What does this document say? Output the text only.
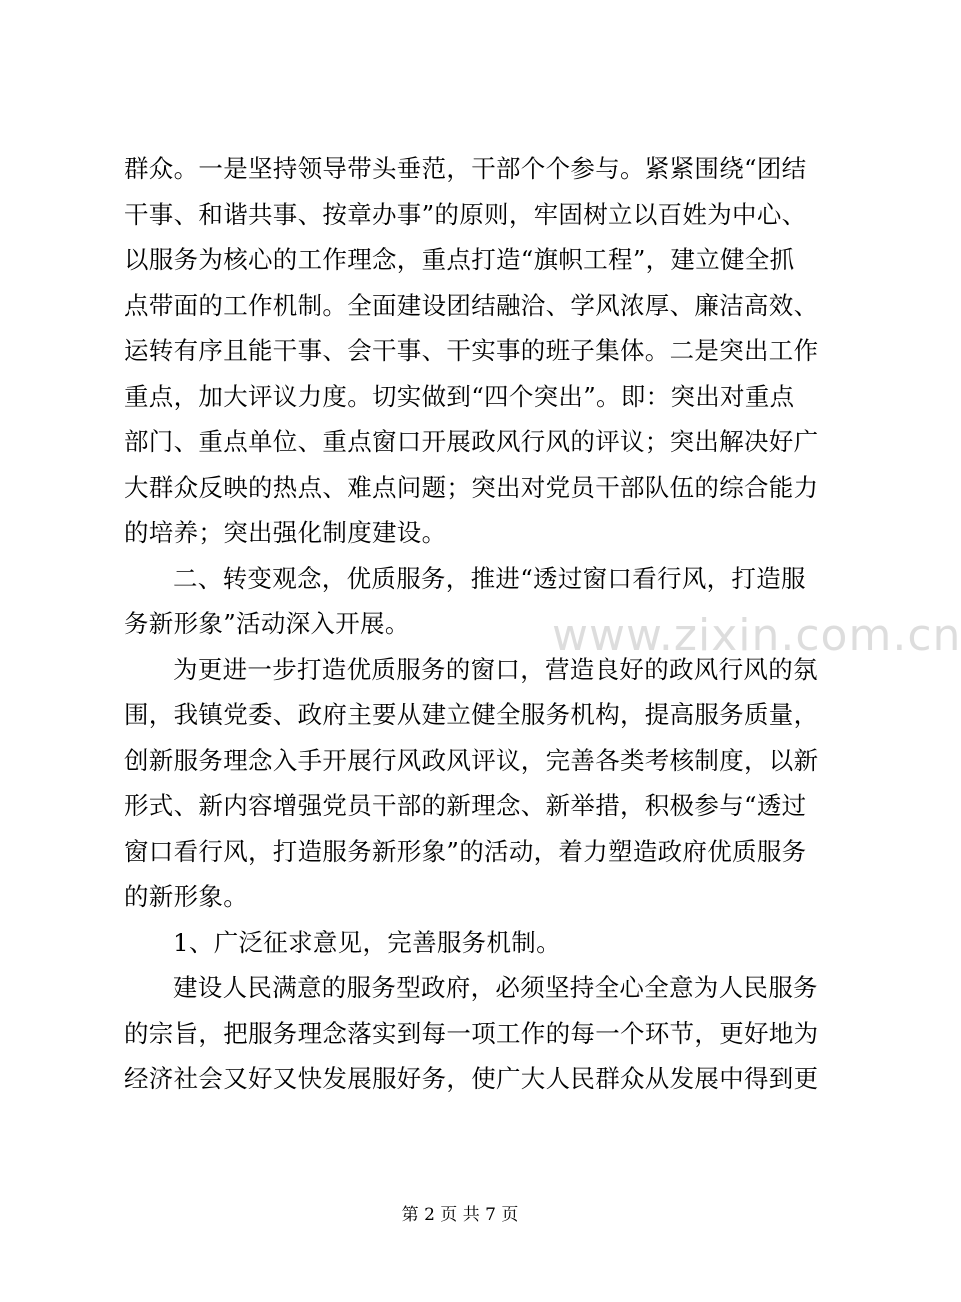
群众。一是坚持领导带头垂范，干部个个参与。紧紧围绕“团结
干事、和谐共事、按章办事”的原则，牢固树立以百姓为中心、
以服务为核心的工作理念，重点打造“旗帜工程”，建立健全抓
点带面的工作机制。全面建设团结融洽、学风浓厚、廉洁高效、
运转有序且能干事、会干事、干实事的班子集体。二是突出工作
重点，加大评议力度。切实做到“四个突出”。即：突出对重点
部门、重点单位、重点窗口开展政风行风的评议；突出解决好广
大群众反映的热点、难点问题；突出对党员干部队伍的综合能力
的培养；突出强化制度建设。
二、转变观念，优质服务，推进“透过窗口看行风，打造服
务新形象”活动深入开展。
为更进一步打造优质服务的窗口，营造良好的政风行风的氛
围，我镇党委、政府主要从建立健全服务机构，提高服务质量，
创新服务理念入手开展行风政风评议，完善各类考核制度，以新
形式、新内容增强党员干部的新理念、新举措，积极参与“透过
窗口看行风，打造服务新形象”的活动，着力塑造政府优质服务
的新形象。
1、广泛征求意见，完善服务机制。
建设人民满意的服务型政府，必须坚持全心全意为人民服务
的宗旨，把服务理念落实到每一项工作的每一个环节，更好地为
经济社会又好又快发展服好务，使广大人民群众从发展中得到更
www.zixin.com.cn
第 2 页 共 7 页
